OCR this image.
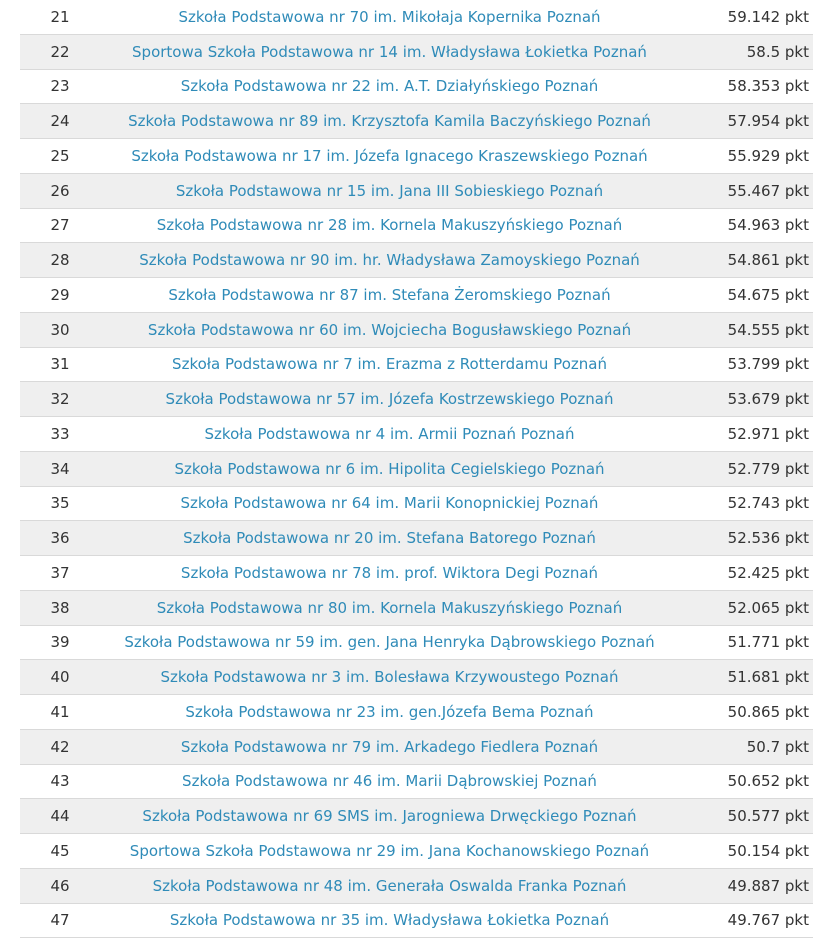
21	Szkoła Podstawowa nr 70 im. Mikołaja Kopernika Poznań	59.142 pkt
22	Sportowa Szkoła Podstawowa nr 14 im. Władysława Łokietka Poznań	58.5 pkt
23	Szkoła Podstawowa nr 22 im. A.T. Działyńskiego Poznań	58.353 pkt
24	Szkoła Podstawowa nr 89 im. Krzysztofa Kamila Baczyńskiego Poznań	57.954 pkt
25	Szkoła Podstawowa nr 17 im. Józefa Ignacego Kraszewskiego Poznań	55.929 pkt
26	Szkoła Podstawowa nr 15 im. Jana III Sobieskiego Poznań	55.467 pkt
27	Szkoła Podstawowa nr 28 im. Kornela Makuszyńskiego Poznań	54.963 pkt
28	Szkoła Podstawowa nr 90 im. hr. Władysława Zamoyskiego Poznań	54.861 pkt
29	Szkoła Podstawowa nr 87 im. Stefana Żeromskiego Poznań	54.675 pkt
30	Szkoła Podstawowa nr 60 im. Wojciecha Bogusławskiego Poznań	54.555 pkt
31	Szkoła Podstawowa nr 7 im. Erazma z Rotterdamu Poznań	53.799 pkt
32	Szkoła Podstawowa nr 57 im. Józefa Kostrzewskiego Poznań	53.679 pkt
33	Szkoła Podstawowa nr 4 im. Armii Poznań Poznań	52.971 pkt
34	Szkoła Podstawowa nr 6 im. Hipolita Cegielskiego Poznań	52.779 pkt
35	Szkoła Podstawowa nr 64 im. Marii Konopnickiej Poznań	52.743 pkt
36	Szkoła Podstawowa nr 20 im. Stefana Batorego Poznań	52.536 pkt
37	Szkoła Podstawowa nr 78 im. prof. Wiktora Degi Poznań	52.425 pkt
38	Szkoła Podstawowa nr 80 im. Kornela Makuszyńskiego Poznań	52.065 pkt
39	Szkoła Podstawowa nr 59 im. gen. Jana Henryka Dąbrowskiego Poznań	51.771 pkt
40	Szkoła Podstawowa nr 3 im. Bolesława Krzywoustego Poznań	51.681 pkt
41	Szkoła Podstawowa nr 23 im. gen.Józefa Bema Poznań	50.865 pkt
42	Szkoła Podstawowa nr 79 im. Arkadego Fiedlera Poznań	50.7 pkt
43	Szkoła Podstawowa nr 46 im. Marii Dąbrowskiej Poznań	50.652 pkt
44	Szkoła Podstawowa nr 69 SMS im. Jarogniewa Drwęckiego Poznań	50.577 pkt
45	Sportowa Szkoła Podstawowa nr 29 im. Jana Kochanowskiego Poznań	50.154 pkt
46	Szkoła Podstawowa nr 48 im. Generała Oswalda Franka Poznań	49.887 pkt
47	Szkoła Podstawowa nr 35 im. Władysława Łokietka Poznań	49.767 pkt
